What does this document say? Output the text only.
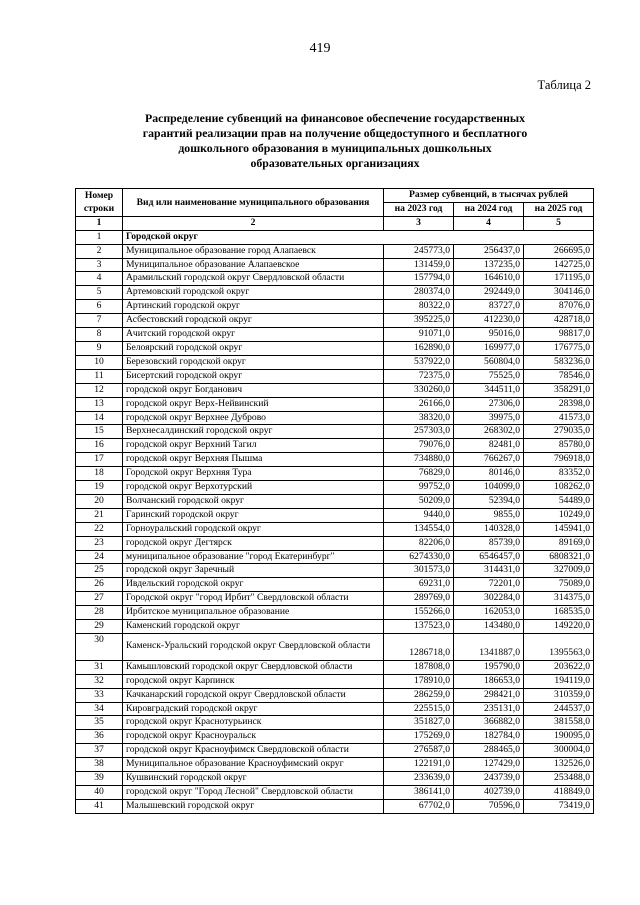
419
Таблица 2
Распределение субвенций на финансовое обеспечение государственных
гарантий реализации прав на получение общедоступного и бесплатного
дошкольного образования в муниципальных дошкольных
образовательных организациях
Номер строки	Вид или наименование муниципального образования	Размер субвенций, в тысячах рублей		
		на 2023 год	на 2024 год	на 2025 год
1	2	3	4	5
1	Городской округ			
2	Муниципальное образование город Алапаевск	245773,0	256437,0	266695,0
3	Муниципальное образование Алапаевское	131459,0	137235,0	142725,0
4	Арамильский городской округ Свердловской области	157794,0	164610,0	171195,0
5	Артемовский городской округ	280374,0	292449,0	304146,0
6	Артинский городской округ	80322,0	83727,0	87076,0
7	Асбестовский городской округ	395225,0	412230,0	428718,0
8	Ачитский городской округ	91071,0	95016,0	98817,0
9	Белоярский городской округ	162890,0	169977,0	176775,0
10	Березовский городской округ	537922,0	560804,0	583236,0
11	Бисертский городской округ	72375,0	75525,0	78546,0
12	городской округ Богданович	330260,0	344511,0	358291,0
13	городской округ Верх-Нейвинский	26166,0	27306,0	28398,0
14	городской округ Верхнее Дуброво	38320,0	39975,0	41573,0
15	Верхнесалдинский городской округ	257303,0	268302,0	279035,0
16	городской округ Верхний Тагил	79076,0	82481,0	85780,0
17	городской округ Верхняя Пышма	734880,0	766267,0	796918,0
18	Городской округ Верхняя Тура	76829,0	80146,0	83352,0
19	городской округ Верхотурский	99752,0	104099,0	108262,0
20	Волчанский городской округ	50209,0	52394,0	54489,0
21	Гаринский городской округ	9440,0	9855,0	10249,0
22	Горноуральский городской округ	134554,0	140328,0	145941,0
23	городской округ Дегтярск	82206,0	85739,0	89169,0
24	муниципальное образование "город Екатеринбург"	6274330,0	6546457,0	6808321,0
25	городской округ Заречный	301573,0	314431,0	327009,0
26	Ивдельский городской округ	69231,0	72201,0	75089,0
27	Городской округ "город Ирбит" Свердловской области	289769,0	302284,0	314375,0
28	Ирбитское муниципальное образование	155266,0	162053,0	168535,0
29	Каменский городской округ	137523,0	143480,0	149220,0
30	Каменск-Уральский городской округ Свердловской области	1286718,0	1341887,0	1395563,0
31	Камышловский городской округ Свердловской области	187808,0	195790,0	203622,0
32	городской округ Карпинск	178910,0	186653,0	194119,0
33	Качканарский городской округ Свердловской области	286259,0	298421,0	310359,0
34	Кировградский городской округ	225515,0	235131,0	244537,0
35	городской округ Краснотурьинск	351827,0	366882,0	381558,0
36	городской округ Красноуральск	175269,0	182784,0	190095,0
37	городской округ Красноуфимск Свердловской области	276587,0	288465,0	300004,0
38	Муниципальное образование Красноуфимский округ	122191,0	127429,0	132526,0
39	Кушвинский городской округ	233639,0	243739,0	253488,0
40	городской округ "Город Лесной" Свердловской области	386141,0	402739,0	418849,0
41	Малышевский городской округ	67702,0	70596,0	73419,0
